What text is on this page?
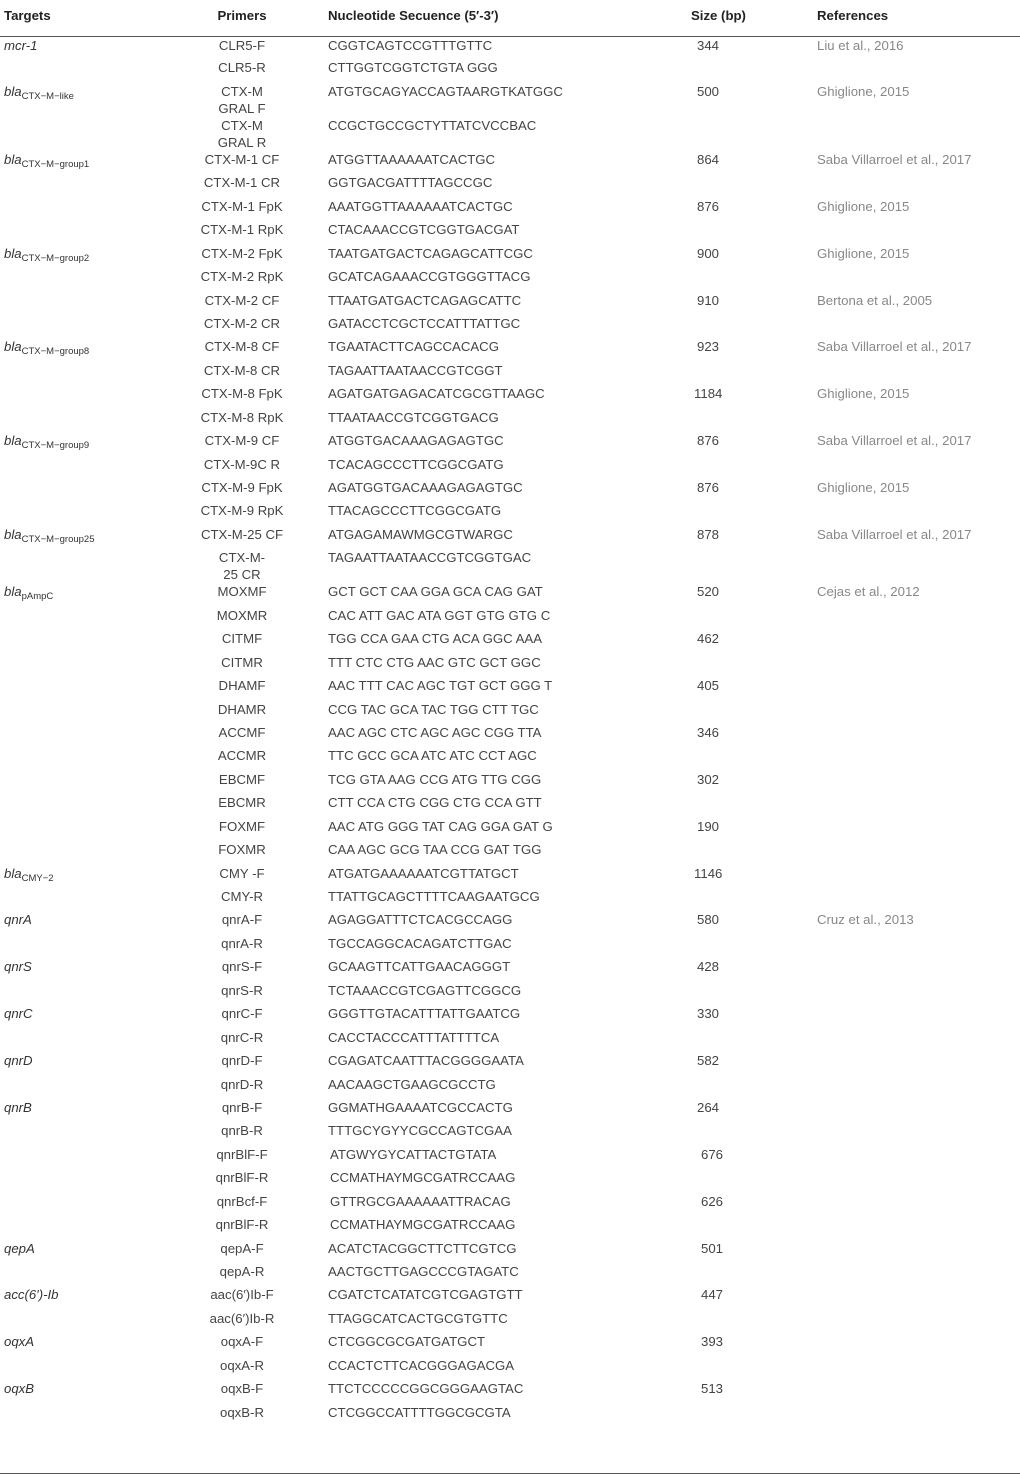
Targets	Primers	Nucleotide Secuence (5′-3′)	Size (bp)	References
mcr-1	CLR5-F	CGGTCAGTCCGTTTGTTC	344	Liu et al., 2016
	CLR5-R	CTTGGTCGGTCTGTA GGG		
bla$_{CTX-M-like}$	CTX-M GRAL F	ATGTGCAGYACCAGTAARGTKATGGC	500	Ghiglione, 2015
	CTX-M GRAL R	CCGCTGCCGCTYTTATCVCCBAC		
bla$_{CTX-M-group1}$	CTX-M-1 CF	ATGGTTAAAAAATCACTGC	864	Saba Villarroel et al., 2017
	CTX-M-1 CR	GGTGACGATTTTAGCCGC		
	CTX-M-1 FpK	AAATGGTTAAAAAATCACTGC	876	Ghiglione, 2015
	CTX-M-1 RpK	CTACAAACCGTCGGTGACGAT		
bla$_{CTX-M-group2}$	CTX-M-2 FpK	TAATGATGACTCAGAGCATTCGC	900	Ghiglione, 2015
	CTX-M-2 RpK	GCATCAGAAACCGTGGGTTACG		
	CTX-M-2 CF	TTAATGATGACTCAGAGCATTC	910	Bertona et al., 2005
	CTX-M-2 CR	GATACCTCGCTCCATTTATTGC		
bla$_{CTX-M-group8}$	CTX-M-8 CF	TGAATACTTCAGCCACACG	923	Saba Villarroel et al., 2017
	CTX-M-8 CR	TAGAATTAATAACCGTCGGT		
	CTX-M-8 FpK	AGATGATGAGACATCGCGTTAAGC	1184	Ghiglione, 2015
	CTX-M-8 RpK	TTAATAACCGTCGGTGACG		
bla$_{CTX-M-group9}$	CTX-M-9 CF	ATGGTGACAAAGAGAGTGC	876	Saba Villarroel et al., 2017
	CTX-M-9C R	TCACAGCCCTTCGGCGATG		
	CTX-M-9 FpK	AGATGGTGACAAAGAGAGTGC	876	Ghiglione, 2015
	CTX-M-9 RpK	TTACAGCCCTTCGGCGATG		
bla$_{CTX-M-group25}$	CTX-M-25 CF	ATGAGAMAWMGCGTWARGC	878	Saba Villarroel et al., 2017
	CTX-M-25 CR	TAGAATTAATAACCGTCGGTGAC		
bla$_{pAmpC}$	MOXMF	GCT GCT CAA GGA GCA CAG GAT	520	Cejas et al., 2012
	MOXMR	CAC ATT GAC ATA GGT GTG GTG C		
	CITMF	TGG CCA GAA CTG ACA GGC AAA	462	
	CITMR	TTT CTC CTG AAC GTC GCT GGC		
	DHAMF	AAC TTT CAC AGC TGT GCT GGG T	405	
	DHAMR	CCG TAC GCA TAC TGG CTT TGC		
	ACCMF	AAC AGC CTC AGC AGC CGG TTA	346	
	ACCMR	TTC GCC GCA ATC ATC CCT AGC		
	EBCMF	TCG GTA AAG CCG ATG TTG CGG	302	
	EBCMR	CTT CCA CTG CGG CTG CCA GTT		
	FOXMF	AAC ATG GGG TAT CAG GGA GAT G	190	
	FOXMR	CAA AGC GCG TAA CCG GAT TGG		
bla$_{CMY-2}$	CMY -F	ATGATGAAAAAATCGTTATGCT	1146	
	CMY-R	TTATTGCAGCTTTTCAAGAATGCG		
qnrA	qnrA-F	AGAGGATTTCTCACGCCAGG	580	Cruz et al., 2013
	qnrA-R	TGCCAGGCACAGATCTTGAC		
qnrS	qnrS-F	GCAAGTTCATTGAACAGGGT	428	
	qnrS-R	TCTAAACCGTCGAGTTCGGCG		
qnrC	qnrC-F	GGGTTGTACATTTATTGAATCG	330	
	qnrC-R	CACCTACCCATTTATTTTCA		
qnrD	qnrD-F	CGAGATCAATTTACGGGGAATA	582	
	qnrD-R	AACAAGCTGAAGCGCCTG		
qnrB	qnrB-F	GGMATHGAAAATCGCCACTG	264	
	qnrB-R	TTTGCYGYYCGCCAGTCGAA		
	qnrBlF-F	ATGWYGYCATTACTGTATA	676	
	qnrBlF-R	CCMATHAYMGCGATRCCAAG		
	qnrBcf-F	GTTRGCGAAAAAATTRACAG	626	
	qnrBlF-R	CCMATHAYMGCGATRCCAAG		
qepA	qepA-F	ACATCTACGGCTTCTTCGTCG	501	
	qepA-R	AACTGCTTGAGCCCGTAGATC		
acc(6′)-Ib	aac(6′)Ib-F	CGATCTCATATCGTCGAGTGTT	447	
	aac(6′)Ib-R	TTAGGCATCACTGCGTGTTC		
oqxA	oqxA-F	CTCGGCGCGATGATGCT	393	
	oqxA-R	CCACTCTTCACGGGAGACGA		
oqxB	oqxB-F	TTCTCCCCCGGCGGGAAGTAC	513	
	oqxB-R	CTCGGCCATTTTGGCGCGTA		
